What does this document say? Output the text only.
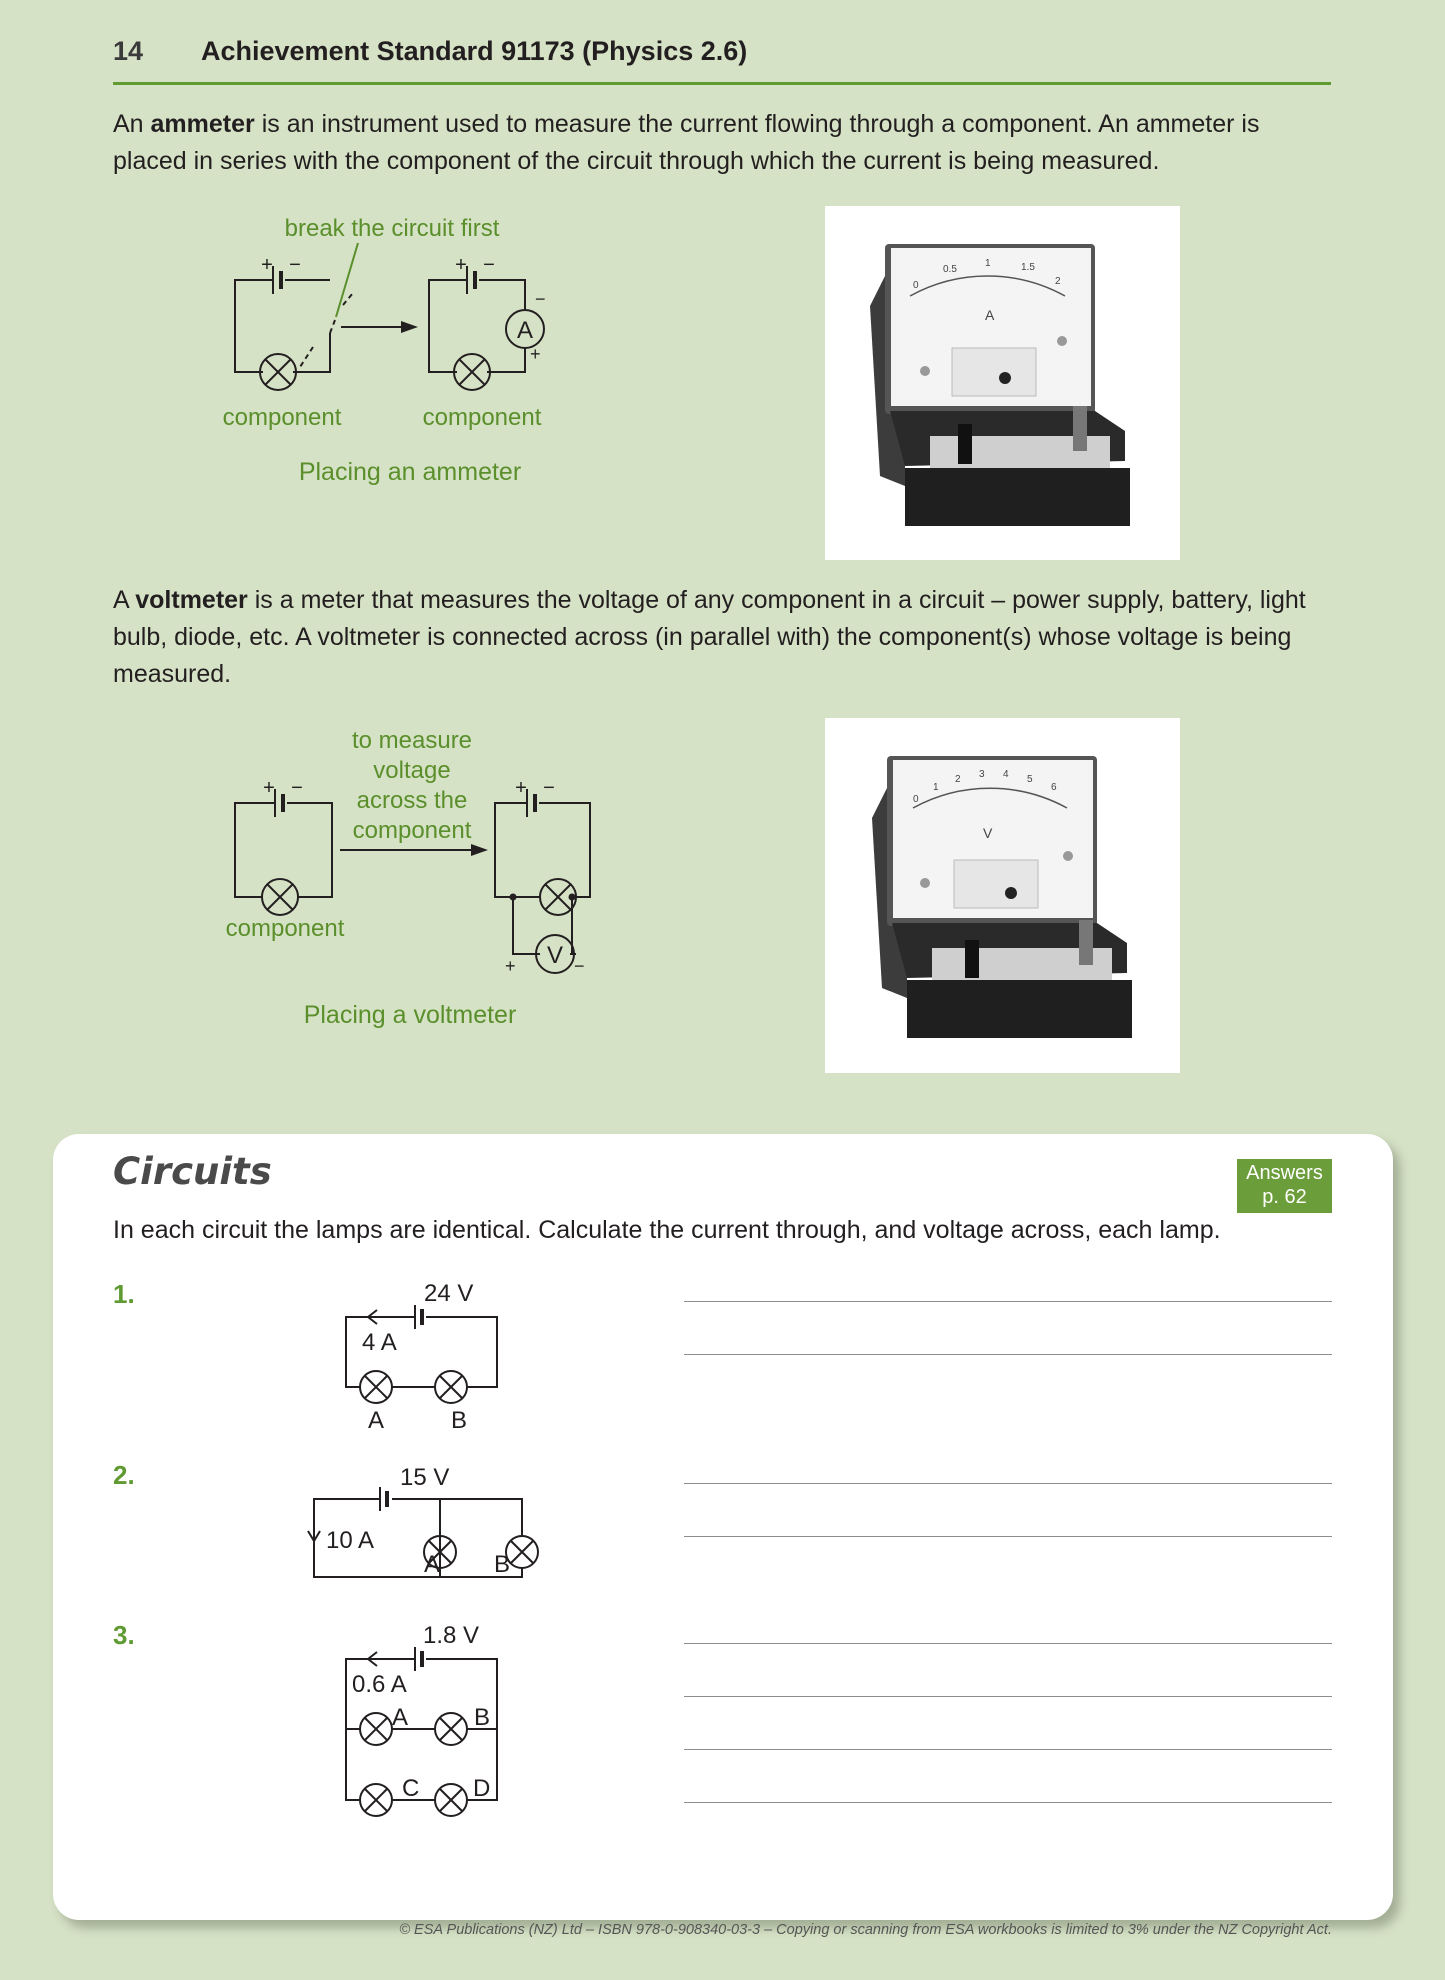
14 Achievement Standard 91173 (Physics 2.6)
An ammeter is an instrument used to measure the current flowing through a component. An ammeter is placed in series with the component of the circuit through which the current is being measured.
break the circuit first
+ −
A
+ −
−
+
component	component
Placing an ammeter
0
0.5
1	1.5
2
A
A voltmeter is a meter that measures the voltage of any component in a circuit – power supply, battery, light bulb, diode, etc. A voltmeter is connected across (in parallel with) the component(s) whose voltage is being measured.
to measure
voltage
across the
component
+ −
V
+ −
+	−
component
Placing a voltmeter
0
1
2 3 4 5
6
V
Circuits	Answers
p. 62
In each circuit the lamps are identical. Calculate the current through, and voltage across, each lamp.
1.	24 V
4 A
A	B
2.	15 V
10 A
A B
3.	1.8 V
0.6 A
A	B
C D
© ESA Publications (NZ) Ltd – ISBN 978-0-908340-03-3 – Copying or scanning from ESA workbooks is limited to 3% under the NZ Copyright Act.
